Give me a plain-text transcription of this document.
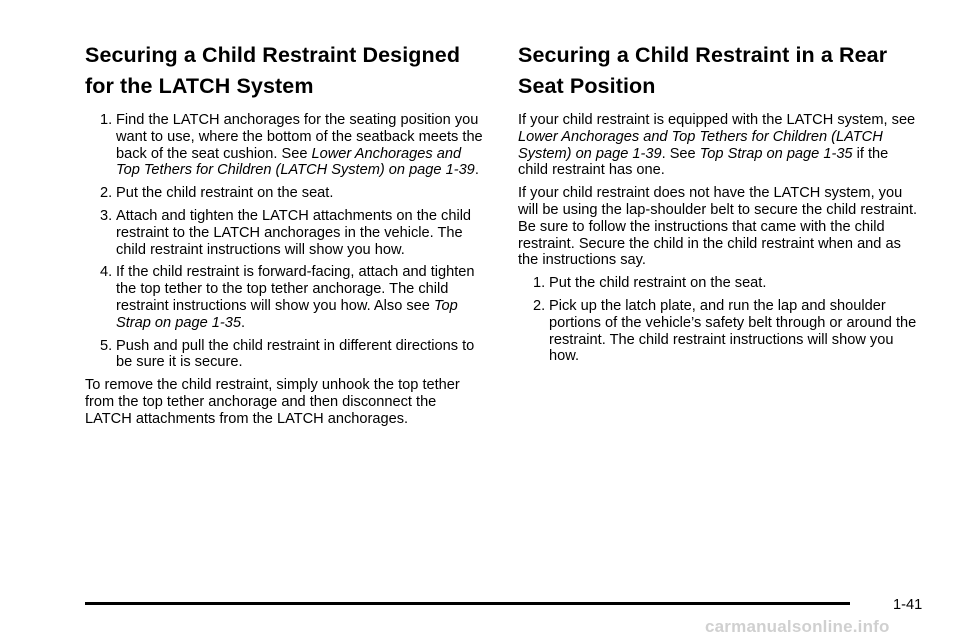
Securing a Child Restraint Designed for the LATCH System
1. Find the LATCH anchorages for the seating position you want to use, where the bottom of the seatback meets the back of the seat cushion. See Lower Anchorages and Top Tethers for Children (LATCH System) on page 1-39.
2. Put the child restraint on the seat.
3. Attach and tighten the LATCH attachments on the child restraint to the LATCH anchorages in the vehicle. The child restraint instructions will show you how.
4. If the child restraint is forward-facing, attach and tighten the top tether to the top tether anchorage. The child restraint instructions will show you how. Also see Top Strap on page 1-35.
5. Push and pull the child restraint in different directions to be sure it is secure.

To remove the child restraint, simply unhook the top tether from the top tether anchorage and then disconnect the LATCH attachments from the LATCH anchorages.

Securing a Child Restraint in a Rear Seat Position

If your child restraint is equipped with the LATCH system, see Lower Anchorages and Top Tethers for Children (LATCH System) on page 1-39. See Top Strap on page 1-35 if the child restraint has one.

If your child restraint does not have the LATCH system, you will be using the lap-shoulder belt to secure the child restraint. Be sure to follow the instructions that came with the child restraint. Secure the child in the child restraint when and as the instructions say.

1. Put the child restraint on the seat.
2. Pick up the latch plate, and run the lap and shoulder portions of the vehicle’s safety belt through or around the restraint. The child restraint instructions will show you how.
1-41
carmanualsonline.info
